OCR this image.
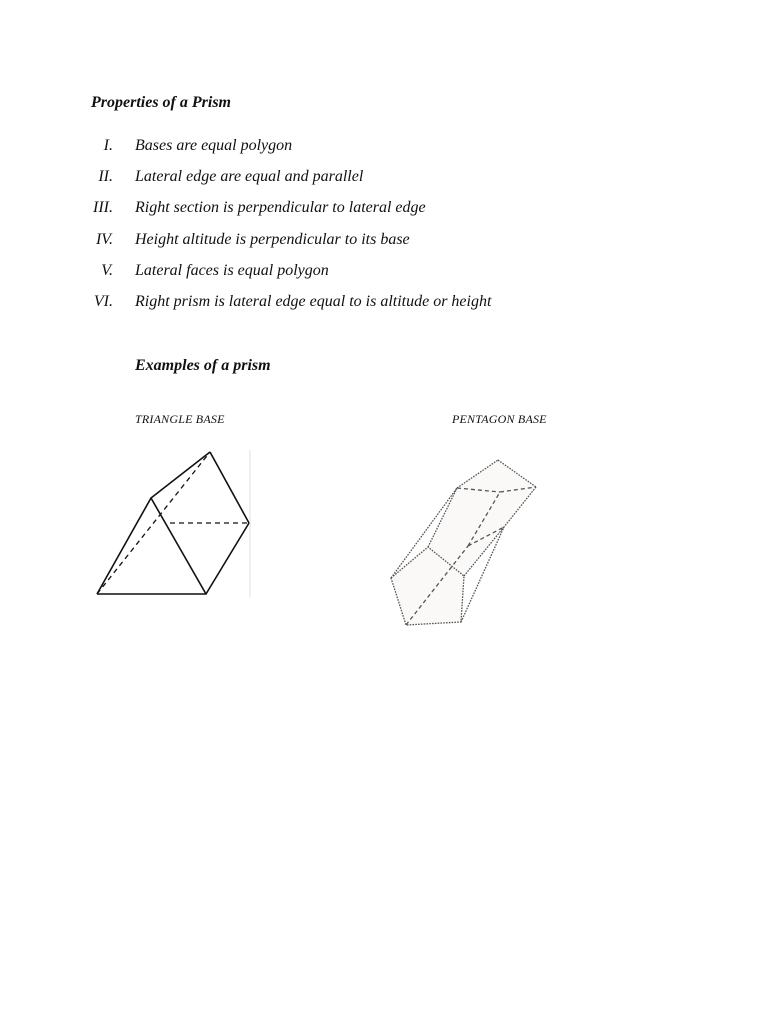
Properties of a Prism
I. Bases are equal polygon
II. Lateral edge are equal and parallel
III. Right section is perpendicular to lateral edge
IV. Height altitude is perpendicular to its base
V. Lateral faces is equal polygon
VI. Right prism is lateral edge equal to is altitude or height
Examples of a prism
TRIANGLE BASE	PENTAGON BASE
